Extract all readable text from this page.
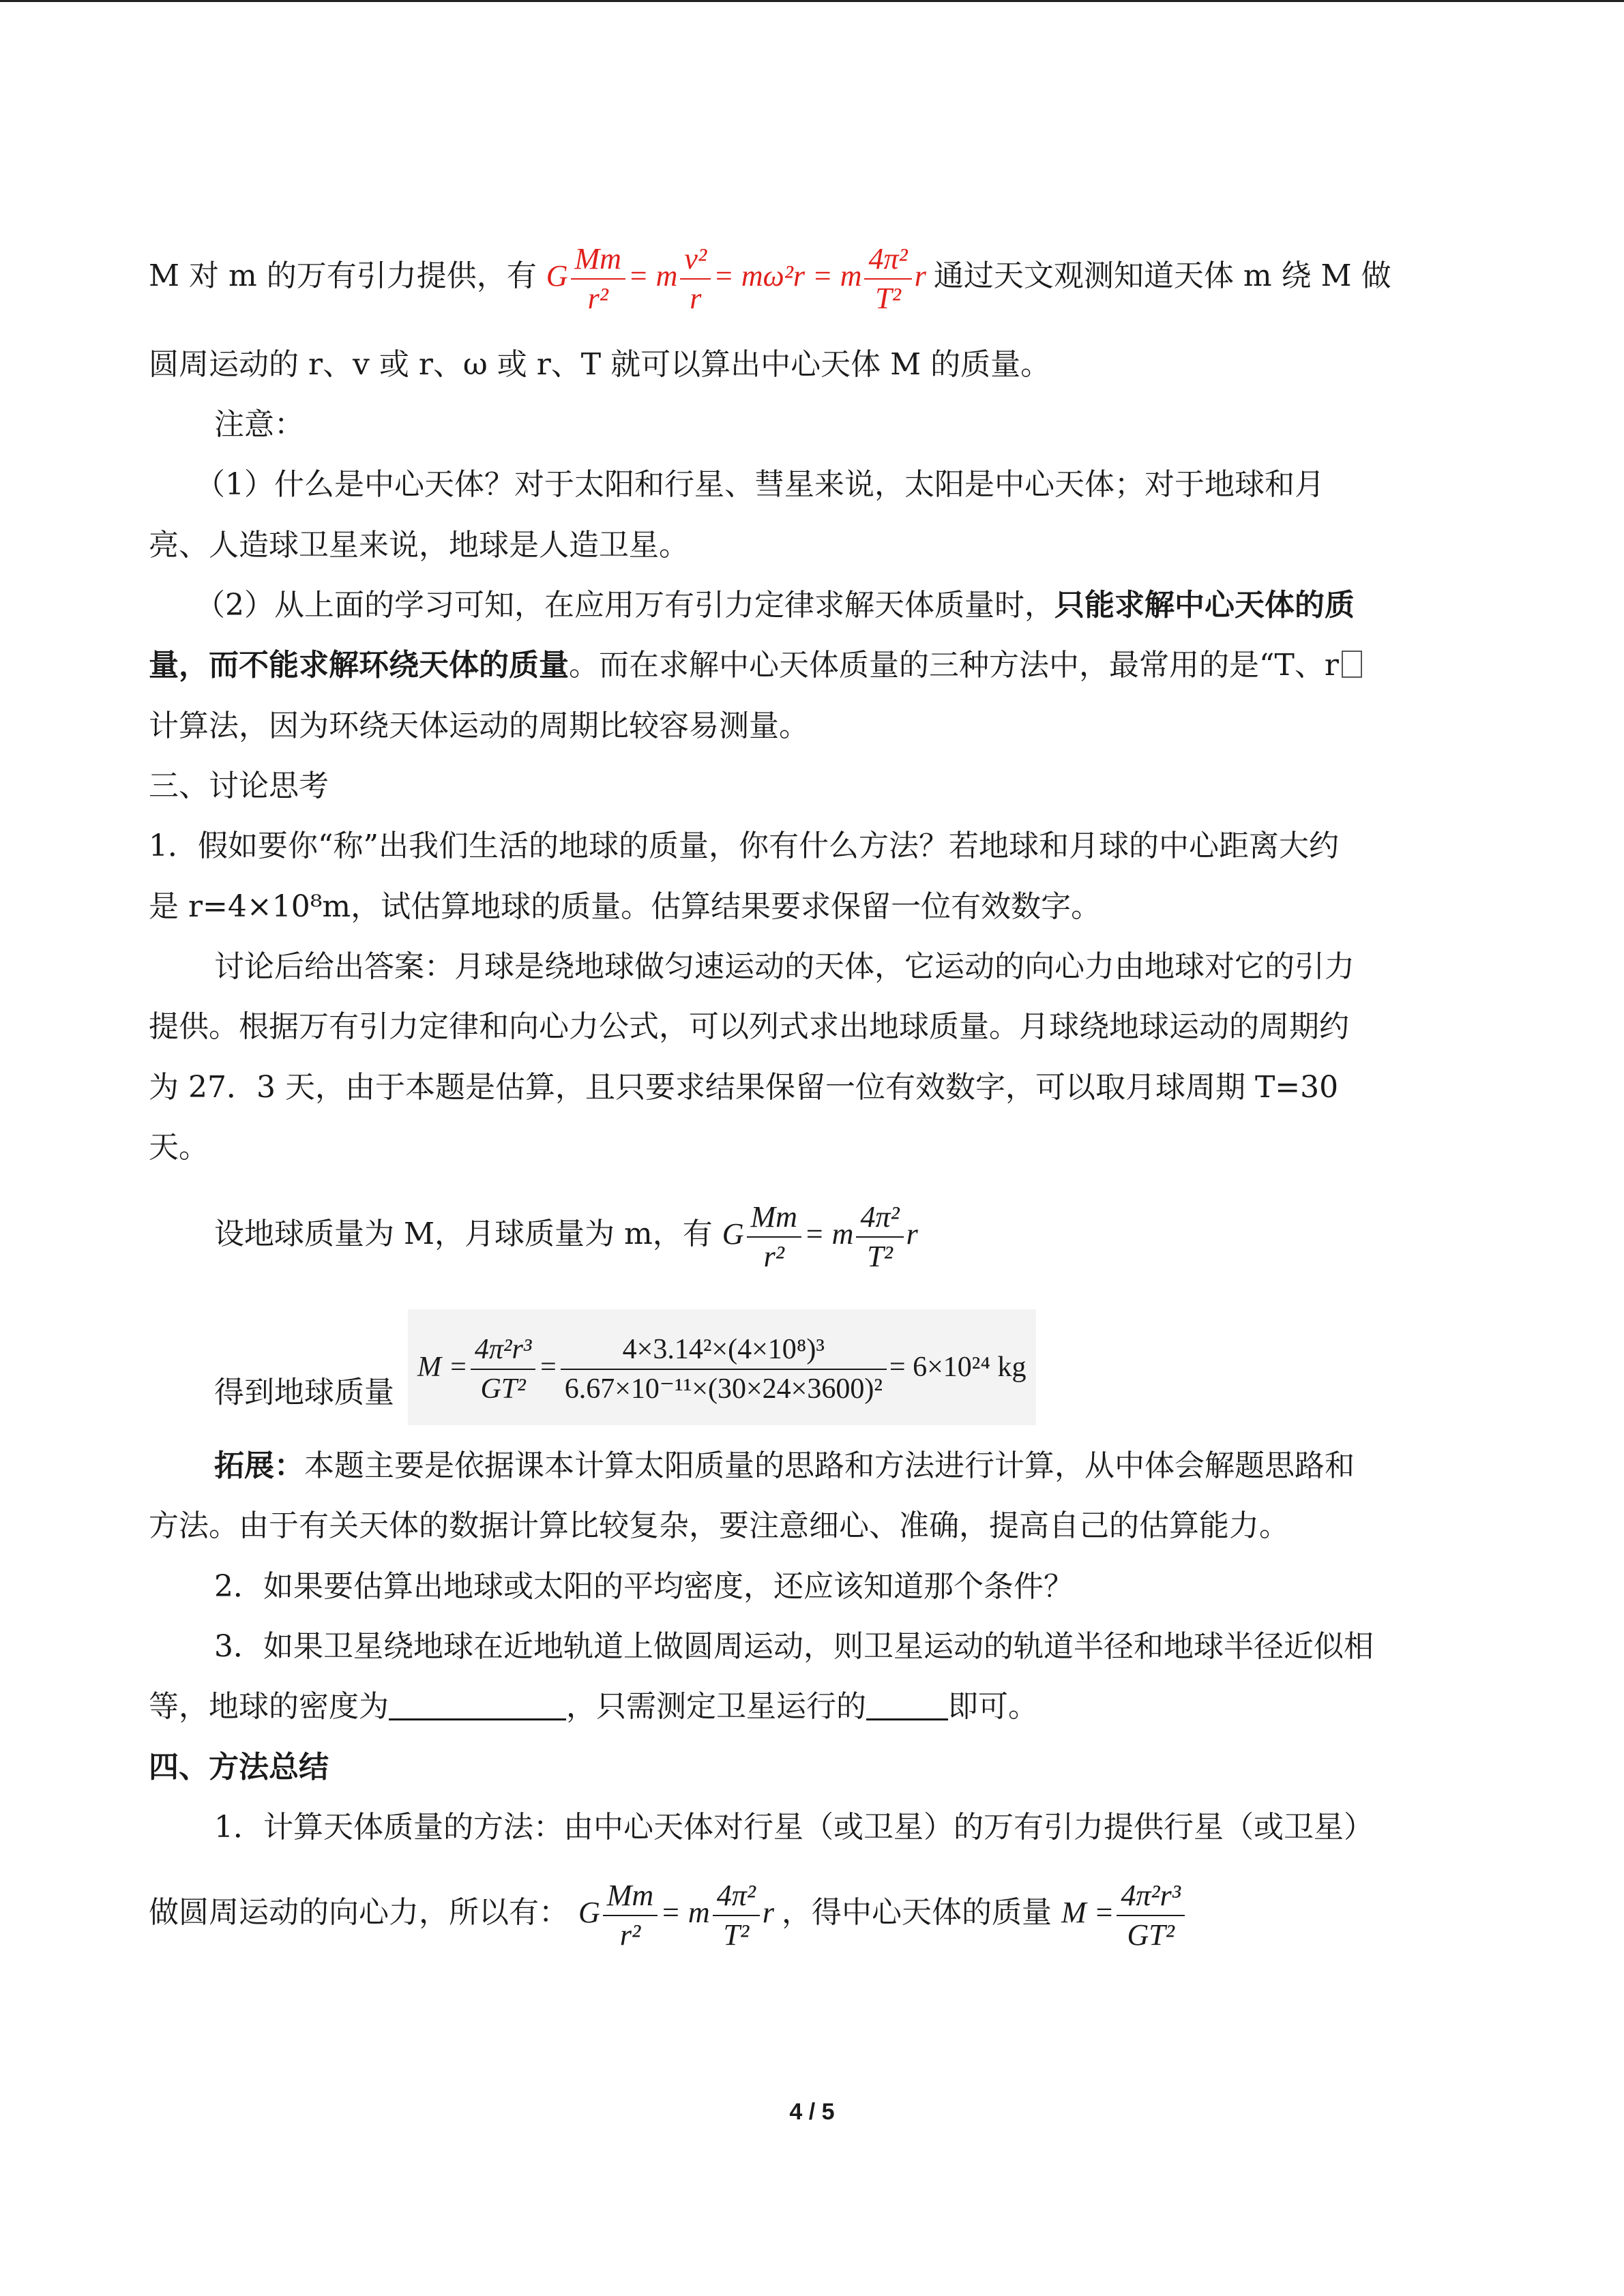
M 对 m 的万有引力提供，有 G $\frac{Mm}{\text{r²}} = m \frac{\text{v²}}{r} = m\omega^2r = m \frac{\text{4π²}}{\text{T²}}$ r 通过天文观测知道天体 m 绕 M 做
圆周运动的 r、v 或 r、ω 或 r、T 就可以算出中心天体 M 的质量。
注意：
（1）什么是中心天体？对于太阳和行星、彗星来说，太阳是中心天体；对于地球和月
亮、人造球卫星来说，地球是人造卫星。
（2）从上面的学习可知，在应用万有引力定律求解天体质量时，只能求解中心天体的质
量，而不能求解环绕天体的质量。而在求解中心天体质量的三种方法中，最常用的是“T、r
计算法，因为环绕天体运动的周期比较容易测量。
三、讨论思考
1．假如要你“称”出我们生活的地球的质量，你有什么方法？若地球和月球的中心距离大约
是 r=4×10⁸m，试估算地球的质量。估算结果要求保留一位有效数字。
讨论后给出答案：月球是绕地球做匀速运动的天体，它运动的向心力由地球对它的引力
提供。根据万有引力定律和向心力公式，可以列式求出地球质量。月球绕地球运动的周期约
为 27．3 天，由于本题是估算，且只要求结果保留一位有效数字，可以取月球周期 T=30
天。
设地球质量为 M，月球质量为 m，有 G $\frac{Mm}{\text{r²}} = m \frac{\text{4π²}}{\text{T²}}$ r
得到地球质量 $M = \frac{\text{4π²r³}}{\text{GT²}} = \frac{\text{4×3.14²×(4×10⁸)³}}{\text{6.67×10⁻¹¹×(30×24×3600)²}} = 6\times 10^{24}$ kg
拓展：本题主要是依据课本计算太阳质量的思路和方法进行计算，从中体会解题思路和
方法。由于有关天体的数据计算比较复杂，要注意细心、准确，提高自己的估算能力。
2．如果要估算出地球或太阳的平均密度，还应该知道那个条件？
3．如果卫星绕地球在近地轨道上做圆周运动，则卫星运动的轨道半径和地球半径近似相
等，地球的密度为	，只需测定卫星运行的	即可。
四、方法总结
1．计算天体质量的方法：由中心天体对行星（或卫星）的万有引力提供行星（或卫星）
做圆周运动的向心力，所以有： G $\frac{Mm}{\text{r²}} = m \frac{\text{4π²}}{\text{T²}}$ r ，得中心天体的质量 $M = \frac{\text{4π²r³}}{\text{GT²}}$
4 / 5
